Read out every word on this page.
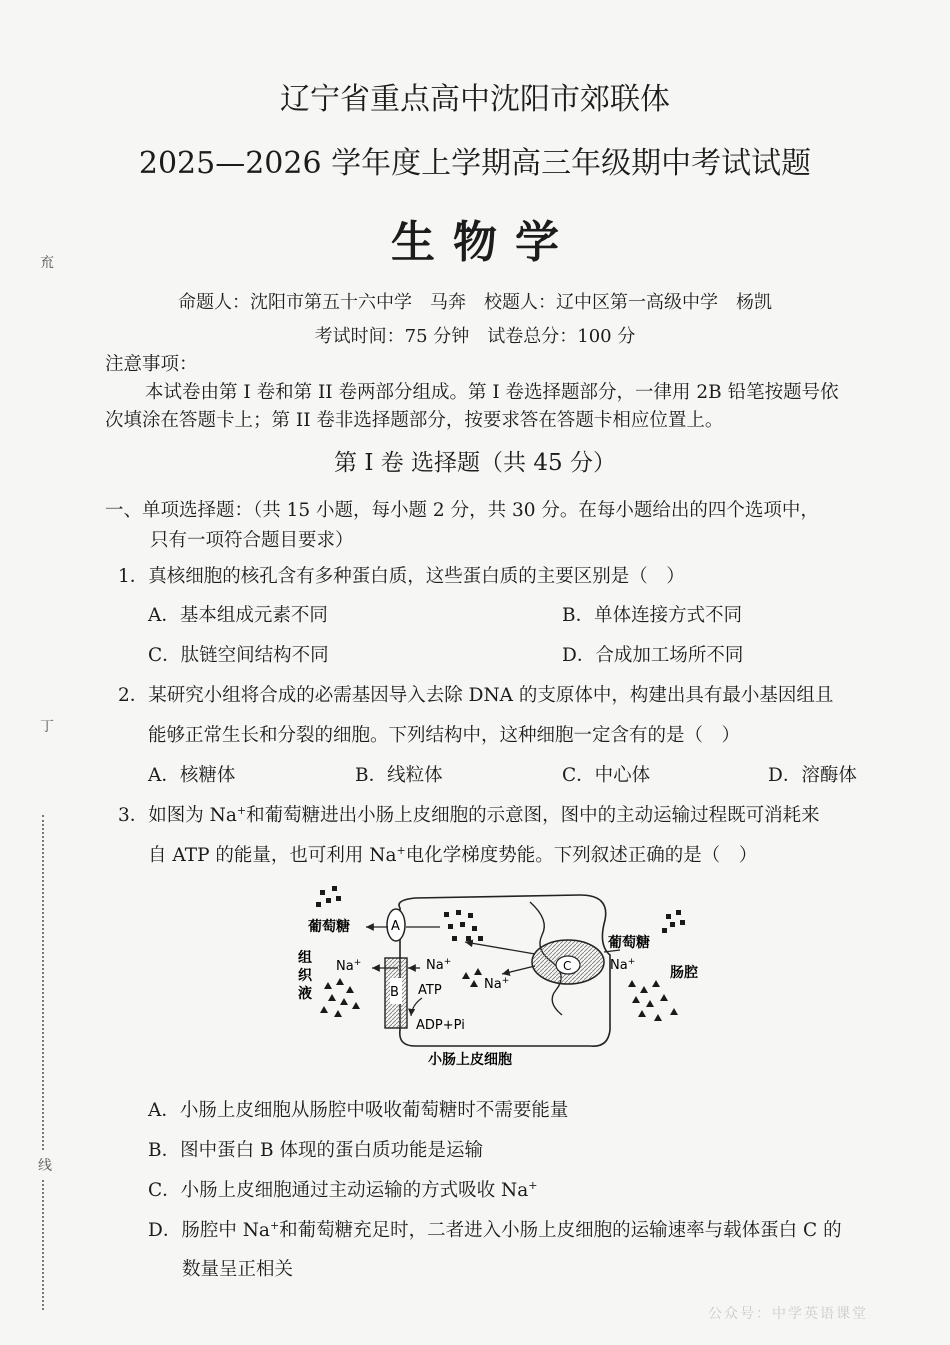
辽宁省重点高中沈阳市郊联体
2025—2026 学年度上学期高三年级期中考试试题
生物学
命题人：沈阳市第五十六中学　马奔　校题人：辽中区第一高级中学　杨凯
考试时间：75 分钟　试卷总分：100 分
注意事项：
本试卷由第 I 卷和第 II 卷两部分组成。第 I 卷选择题部分，一律用 2B 铅笔按题号依
次填涂在答题卡上；第 II 卷非选择题部分，按要求答在答题卡相应位置上。
第 I 卷 选择题（共 45 分）
一、单项选择题：（共 15 小题，每小题 2 分，共 30 分。在每小题给出的四个选项中，
只有一项符合题目要求）
1．真核细胞的核孔含有多种蛋白质，这些蛋白质的主要区别是（　）
A．基本组成元素不同	B．单体连接方式不同
C．肽链空间结构不同	D．合成加工场所不同
2．某研究小组将合成的必需基因导入去除 DNA 的支原体中，构建出具有最小基因组且
能够正常生长和分裂的细胞。下列结构中，这种细胞一定含有的是（　）
A．核糖体	B．线粒体	C．中心体	D．溶酶体
3．如图为 Na+和葡萄糖进出小肠上皮细胞的示意图，图中的主动运输过程既可消耗来
自 ATP 的能量，也可利用 Na+电化学梯度势能。下列叙述正确的是（　）
A
B
C
葡萄糖
葡萄糖
组
织
液
肠腔
小肠上皮细胞
Na+	Na+
Na+
Na+
ATP
ADP+Pi
A．小肠上皮细胞从肠腔中吸收葡萄糖时不需要能量
B．图中蛋白 B 体现的蛋白质功能是运输
C．小肠上皮细胞通过主动运输的方式吸收 Na+
D．肠腔中 Na+和葡萄糖充足时，二者进入小肠上皮细胞的运输速率与载体蛋白 C 的
数量呈正相关
㐬
丁
线
公众号：中学英语课堂
